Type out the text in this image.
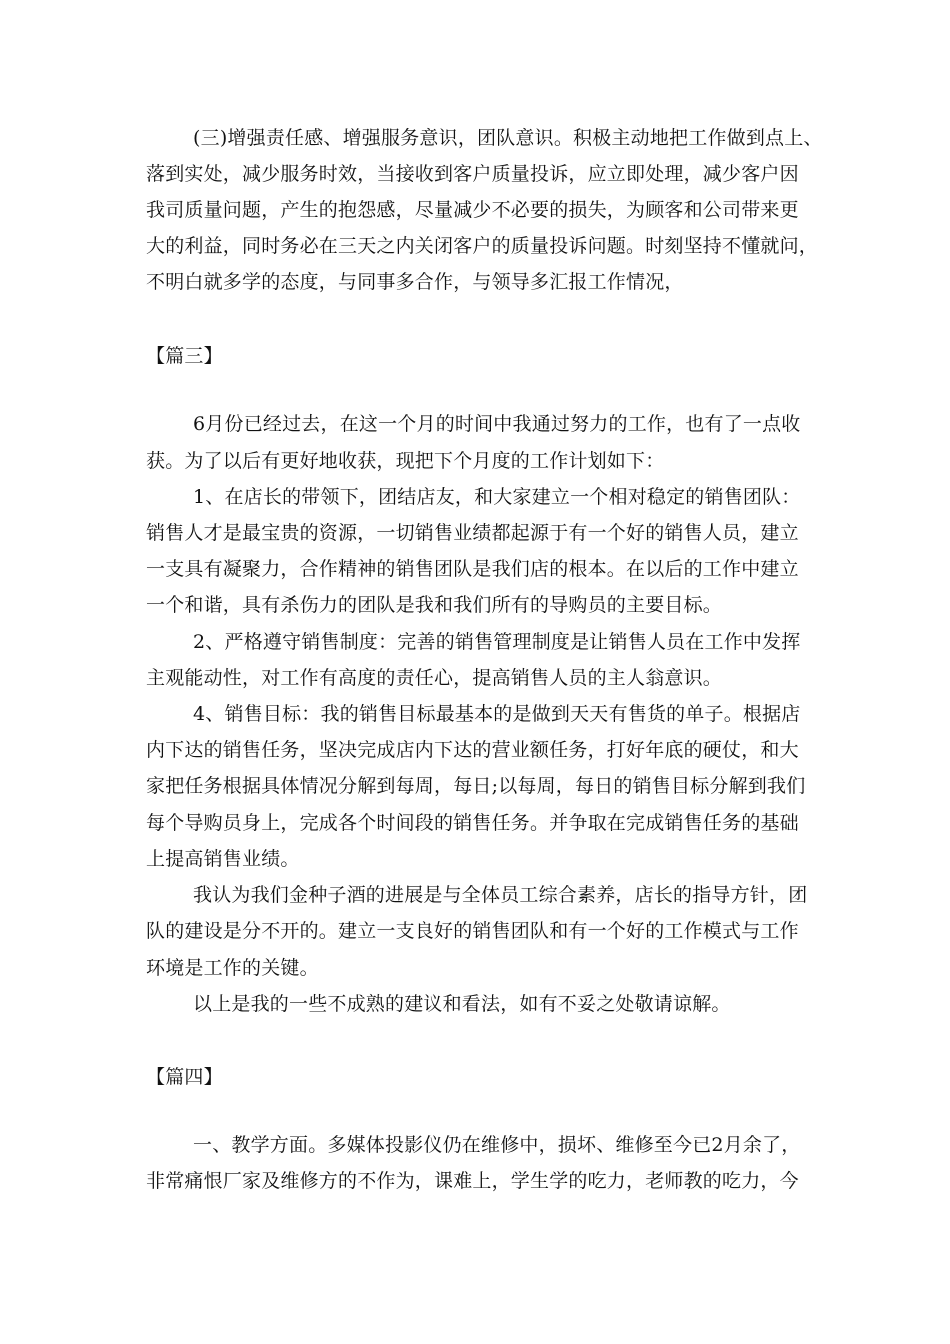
(三)增强责任感、增强服务意识，团队意识。积极主动地把工作做到点上、
落到实处，减少服务时效，当接收到客户质量投诉，应立即处理，减少客户因
我司质量问题，产生的抱怨感，尽量减少不必要的损失，为顾客和公司带来更
大的利益，同时务必在三天之内关闭客户的质量投诉问题。时刻坚持不懂就问，
不明白就多学的态度，与同事多合作，与领导多汇报工作情况，
【篇三】
6月份已经过去，在这一个月的时间中我通过努力的工作，也有了一点收
获。为了以后有更好地收获，现把下个月度的工作计划如下：
1、在店长的带领下，团结店友，和大家建立一个相对稳定的销售团队：
销售人才是最宝贵的资源，一切销售业绩都起源于有一个好的销售人员，建立
一支具有凝聚力，合作精神的销售团队是我们店的根本。在以后的工作中建立
一个和谐，具有杀伤力的团队是我和我们所有的导购员的主要目标。
2、严格遵守销售制度：完善的销售管理制度是让销售人员在工作中发挥
主观能动性，对工作有高度的责任心，提高销售人员的主人翁意识。
4、销售目标：我的销售目标最基本的是做到天天有售货的单子。根据店
内下达的销售任务，坚决完成店内下达的营业额任务，打好年底的硬仗，和大
家把任务根据具体情况分解到每周，每日;以每周，每日的销售目标分解到我们
每个导购员身上，完成各个时间段的销售任务。并争取在完成销售任务的基础
上提高销售业绩。
我认为我们金种子酒的进展是与全体员工综合素养，店长的指导方针，团
队的建设是分不开的。建立一支良好的销售团队和有一个好的工作模式与工作
环境是工作的关键。
以上是我的一些不成熟的建议和看法，如有不妥之处敬请谅解。
【篇四】
一、教学方面。多媒体投影仪仍在维修中，损坏、维修至今已2月余了，
非常痛恨厂家及维修方的不作为，课难上，学生学的吃力，老师教的吃力，今
